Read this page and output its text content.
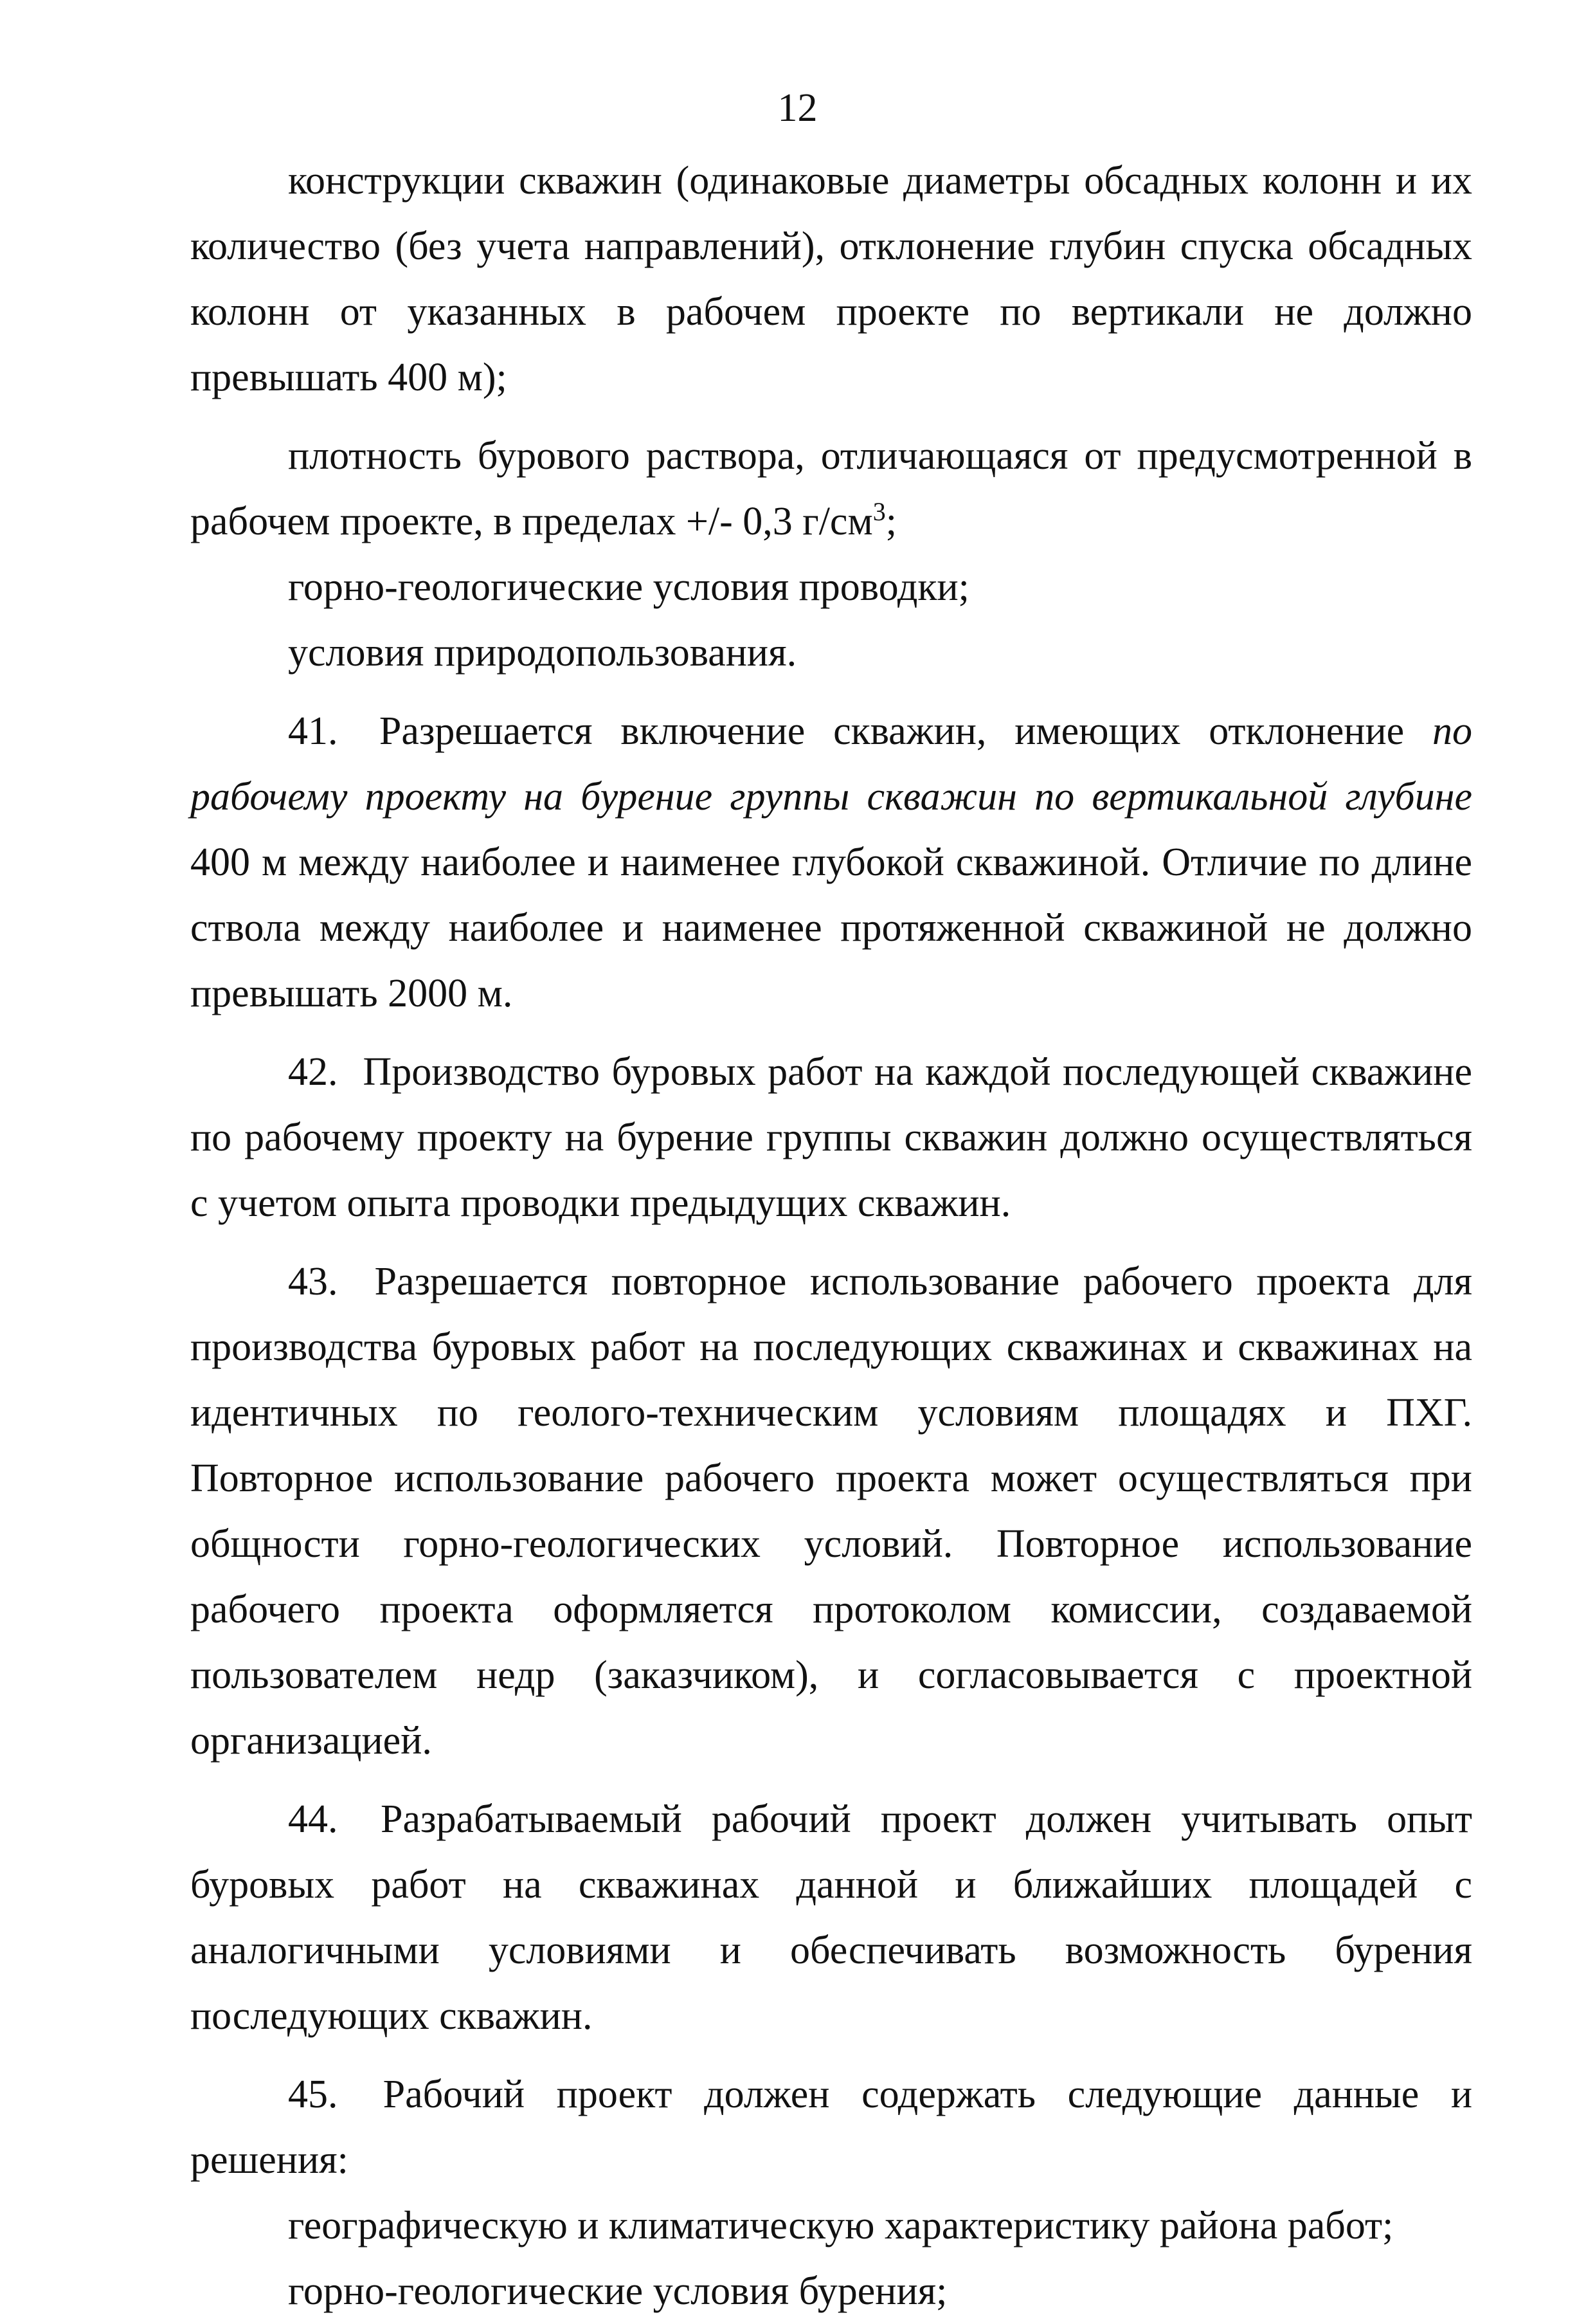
12

конструкции скважин (одинаковые диаметры обсадных колонн и их количество (без учета направлений), отклонение глубин спуска обсадных колонн от указанных в рабочем проекте по вертикали не должно превышать 400 м);

плотность бурового раствора, отличающаяся от предусмотренной в рабочем проекте, в пределах +/- 0,3 $г/см^3$;

горно-геологические условия проводки;

условия природопользования.

41. Разрешается включение скважин, имеющих отклонение по рабочему проекту на бурение группы скважин по вертикальной глубине 400 м между наиболее и наименее глубокой скважиной. Отличие по длине ствола между наиболее и наименее протяженной скважиной не должно превышать 2000 м.

42. Производство буровых работ на каждой последующей скважине по рабочему проекту на бурение группы скважин должно осуществляться с учетом опыта проводки предыдущих скважин.

43. Разрешается повторное использование рабочего проекта для производства буровых работ на последующих скважинах и скважинах на идентичных по геолого-техническим условиям площадях и ПХГ. Повторное использование рабочего проекта может осуществляться при общности горно-геологических условий. Повторное использование рабочего проекта оформляется протоколом комиссии, создаваемой пользователем недр (заказчиком), и согласовывается с проектной организацией.

44. Разрабатываемый рабочий проект должен учитывать опыт буровых работ на скважинах данной и ближайших площадей с аналогичными условиями и обеспечивать возможность бурения последующих скважин.

45. Рабочий проект должен содержать следующие данные и решения:

географическую и климатическую характеристику района работ;

горно-геологические условия бурения;
